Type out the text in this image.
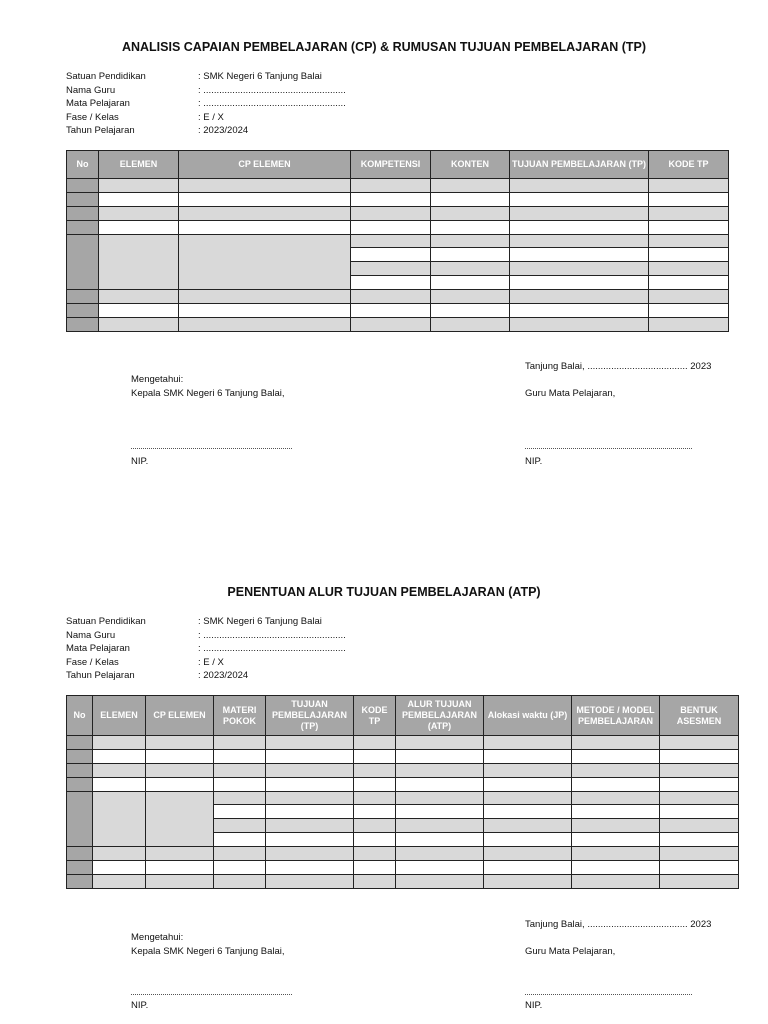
ANALISIS CAPAIAN PEMBELAJARAN (CP) & RUMUSAN TUJUAN PEMBELAJARAN (TP)
Satuan Pendidikan	: SMK Negeri 6 Tanjung Balai
Nama Guru	: ......................................................
Mata Pelajaran	: ......................................................
Fase / Kelas	: E / X
Tahun Pelajaran	: 2023/2024
No	ELEMEN	CP ELEMEN	KOMPETENSI	KONTEN	TUJUAN PEMBELAJARAN (TP)	KODE TP

Tanjung Balai, ...................................... 2023
Mengetahui:
Kepala SMK Negeri 6 Tanjung Balai,	Guru Mata Pelajaran,
NIP.	NIP.
PENENTUAN ALUR TUJUAN PEMBELAJARAN (ATP)
Satuan Pendidikan	: SMK Negeri 6 Tanjung Balai
Nama Guru	: ......................................................
Mata Pelajaran	: ......................................................
Fase / Kelas	: E / X
Tahun Pelajaran	: 2023/2024
No	ELEMEN	CP ELEMEN	MATERI POKOK	TUJUAN PEMBELAJARAN (TP)	KODE TP	ALUR TUJUAN PEMBELAJARAN (ATP)	Alokasi waktu (JP)	METODE / MODEL PEMBELAJARAN	BENTUK ASESMEN

Tanjung Balai, ...................................... 2023
Mengetahui:
Kepala SMK Negeri 6 Tanjung Balai,	Guru Mata Pelajaran,
NIP.	NIP.
